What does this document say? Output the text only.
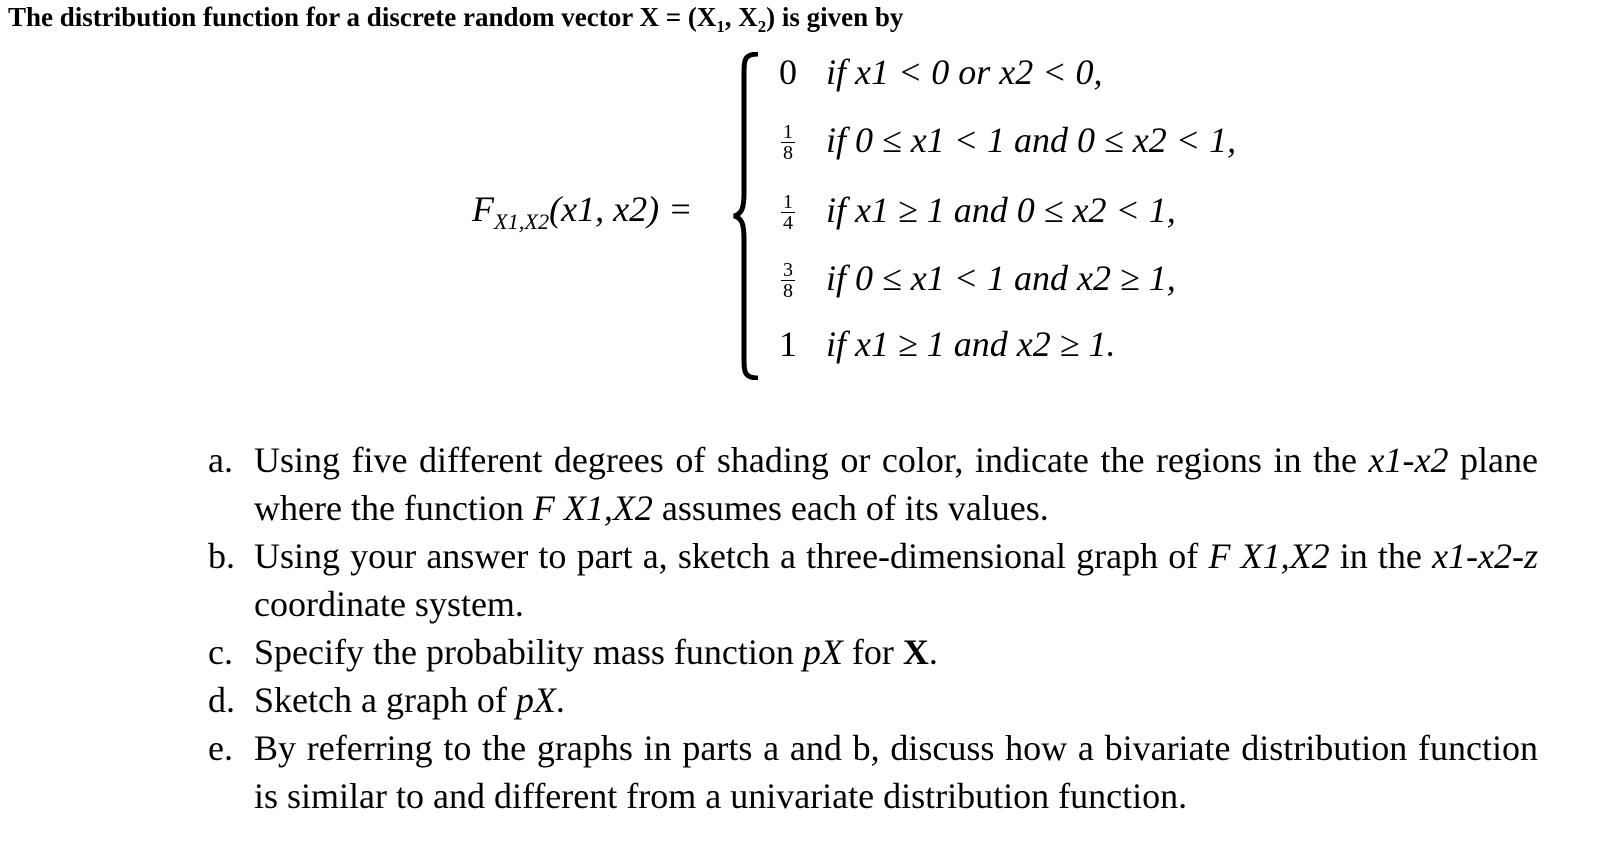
The distribution function for a discrete random vector $X = (X_1$, $X_2$) is given by
$F_{X1,X2}(x1$, x2) =
0 if x1 < 0 or x2 < 0,
$\frac{1}{8}$ if 0 ≤ x1 < 1 and 0 ≤ x2 < 1,
$\frac{1}{4}$ if x1 ≥ 1 and 0 ≤ x2 < 1,
$\frac{3}{8}$ if 0 ≤ x1 < 1 and x2 ≥ 1,
1 if x1 ≥ 1 and x2 ≥ 1.
a. Using five different degrees of shading or color, indicate the regions in the x1-x2 plane where the function F X1,X2 assumes each of its values.
b. Using your answer to part a, sketch a three-dimensional graph of F X1,X2 in the x1-x2-z coordinate system.
c. Specify the probability mass function pX for X.
d. Sketch a graph of pX.
e. By referring to the graphs in parts a and b, discuss how a bivariate distribution function is similar to and different from a univariate distribution function.
